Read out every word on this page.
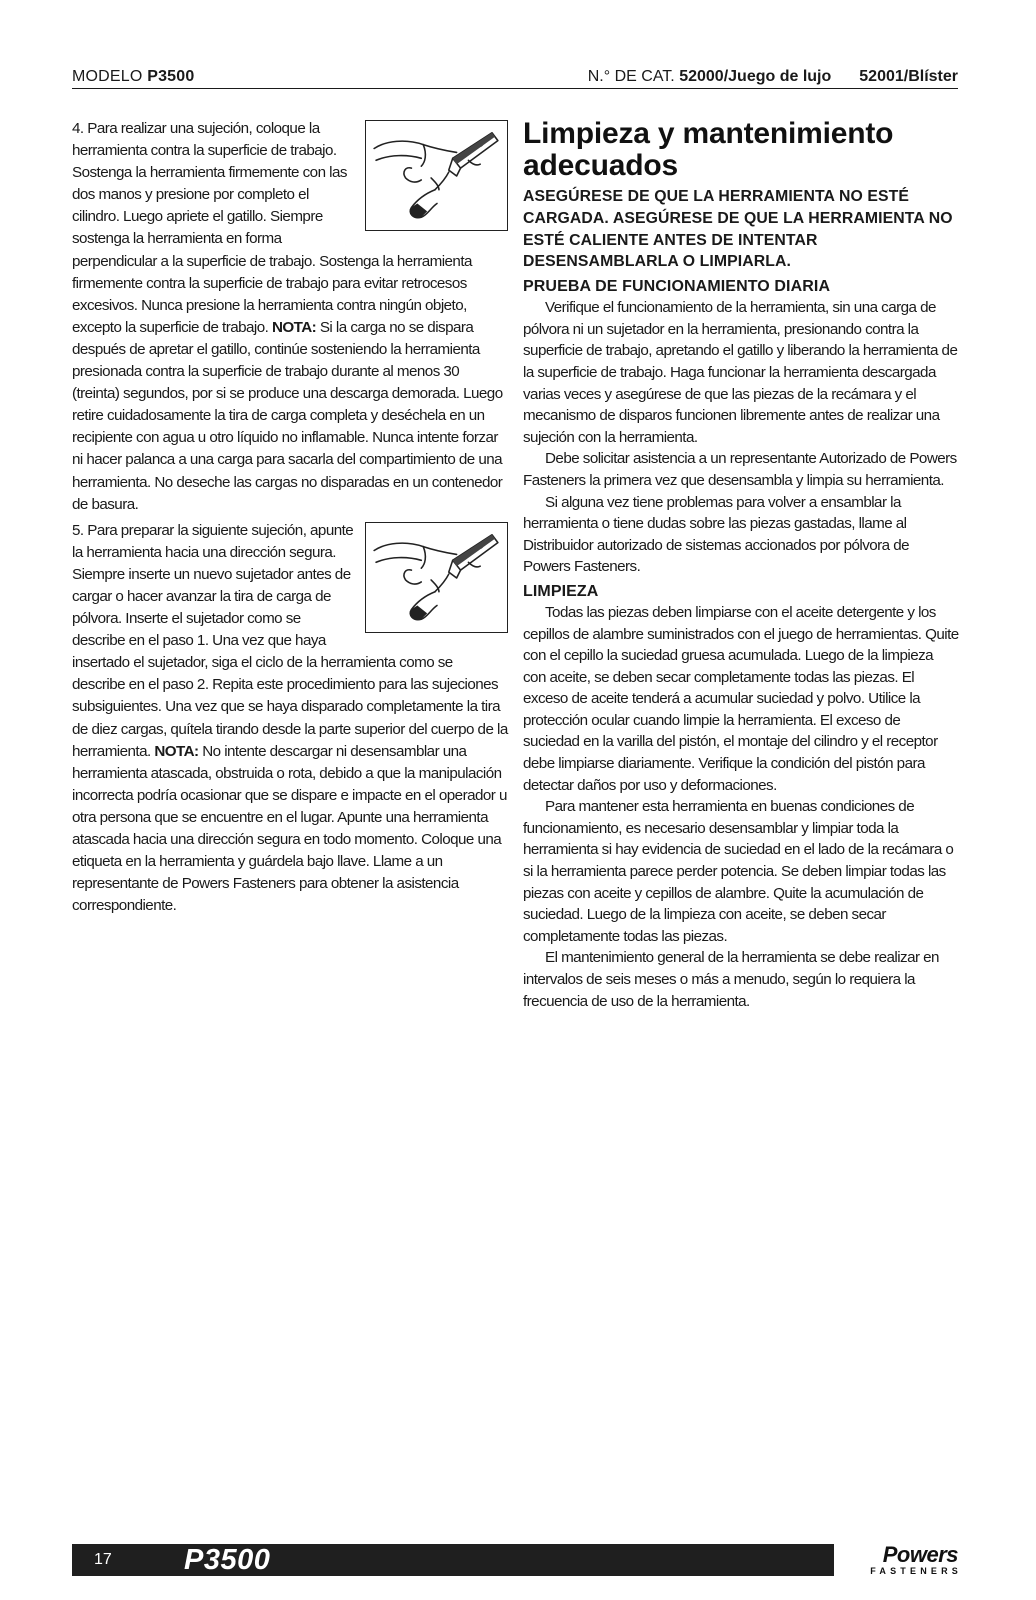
MODELO P3500	N.° DE CAT. 52000/Juego de lujo 52001/Blíster

4. Para realizar una sujeción, coloque la herramienta contra la superficie de trabajo. Sostenga la herramienta firmemente con las dos manos y presione por completo el cilindro. Luego apriete el gatillo. Siempre sostenga la herramienta en forma perpendicular a la superficie de trabajo. Sostenga la herramienta firmemente contra la superficie de trabajo para evitar retrocesos excesivos. Nunca presione la herramienta contra ningún objeto, excepto la superficie de trabajo. NOTA: Si la carga no se dispara después de apretar el gatillo, continúe sosteniendo la herramienta presionada contra la superficie de trabajo durante al menos 30 (treinta) segundos, por si se produce una descarga demorada. Luego retire cuidadosamente la tira de carga completa y deséchela en un recipiente con agua u otro líquido no inflamable. Nunca intente forzar ni hacer palanca a una carga para sacarla del compartimiento de una herramienta. No deseche las cargas no disparadas en un contenedor de basura.

5. Para preparar la siguiente sujeción, apunte la herramienta hacia una dirección segura. Siempre inserte un nuevo sujetador antes de cargar o hacer avanzar la tira de carga de pólvora. Inserte el sujetador como se describe en el paso 1. Una vez que haya insertado el sujetador, siga el ciclo de la herramienta como se describe en el paso 2. Repita este procedimiento para las sujeciones subsiguientes. Una vez que se haya disparado completamente la tira de diez cargas, quítela tirando desde la parte superior del cuerpo de la herramienta. NOTA: No intente descargar ni desensamblar una herramienta atascada, obstruida o rota, debido a que la manipulación incorrecta podría ocasionar que se dispare e impacte en el operador u otra persona que se encuentre en el lugar. Apunte una herramienta atascada hacia una dirección segura en todo momento. Coloque una etiqueta en la herramienta y guárdela bajo llave. Llame a un representante de Powers Fasteners para obtener la asistencia correspondiente.

Limpieza y mantenimiento adecuados

ASEGÚRESE DE QUE LA HERRAMIENTA NO ESTÉ CARGADA. ASEGÚRESE DE QUE LA HERRAMIENTA NO ESTÉ CALIENTE ANTES DE INTENTAR DESENSAMBLARLA O LIMPIARLA.

PRUEBA DE FUNCIONAMIENTO DIARIA

Verifique el funcionamiento de la herramienta, sin una carga de pólvora ni un sujetador en la herramienta, presionando contra la superficie de trabajo, apretando el gatillo y liberando la herramienta de la superficie de trabajo. Haga funcionar la herramienta descargada varias veces y asegúrese de que las piezas de la recámara y el mecanismo de disparos funcionen libremente antes de realizar una sujeción con la herramienta.

Debe solicitar asistencia a un representante Autorizado de Powers Fasteners la primera vez que desensambla y limpia su herramienta.

Si alguna vez tiene problemas para volver a ensamblar la herramienta o tiene dudas sobre las piezas gastadas, llame al Distribuidor autorizado de sistemas accionados por pólvora de Powers Fasteners.

LIMPIEZA

Todas las piezas deben limpiarse con el aceite detergente y los cepillos de alambre suministrados con el juego de herramientas. Quite con el cepillo la suciedad gruesa acumulada. Luego de la limpieza con aceite, se deben secar completamente todas las piezas. El exceso de aceite tenderá a acumular suciedad y polvo. Utilice la protección ocular cuando limpie la herramienta. El exceso de suciedad en la varilla del pistón, el montaje del cilindro y el receptor debe limpiarse diariamente. Verifique la condición del pistón para detectar daños por uso y deformaciones.

Para mantener esta herramienta en buenas condiciones de funcionamiento, es necesario desensamblar y limpiar toda la herramienta si hay evidencia de suciedad en el lado de la recámara o si la herramienta parece perder potencia. Se deben limpiar todas las piezas con aceite y cepillos de alambre. Quite la acumulación de suciedad. Luego de la limpieza con aceite, se deben secar completamente todas las piezas.

El mantenimiento general de la herramienta se debe realizar en intervalos de seis meses o más a menudo, según lo requiera la frecuencia de uso de la herramienta.

17 P3500	Powers
FASTENERS
